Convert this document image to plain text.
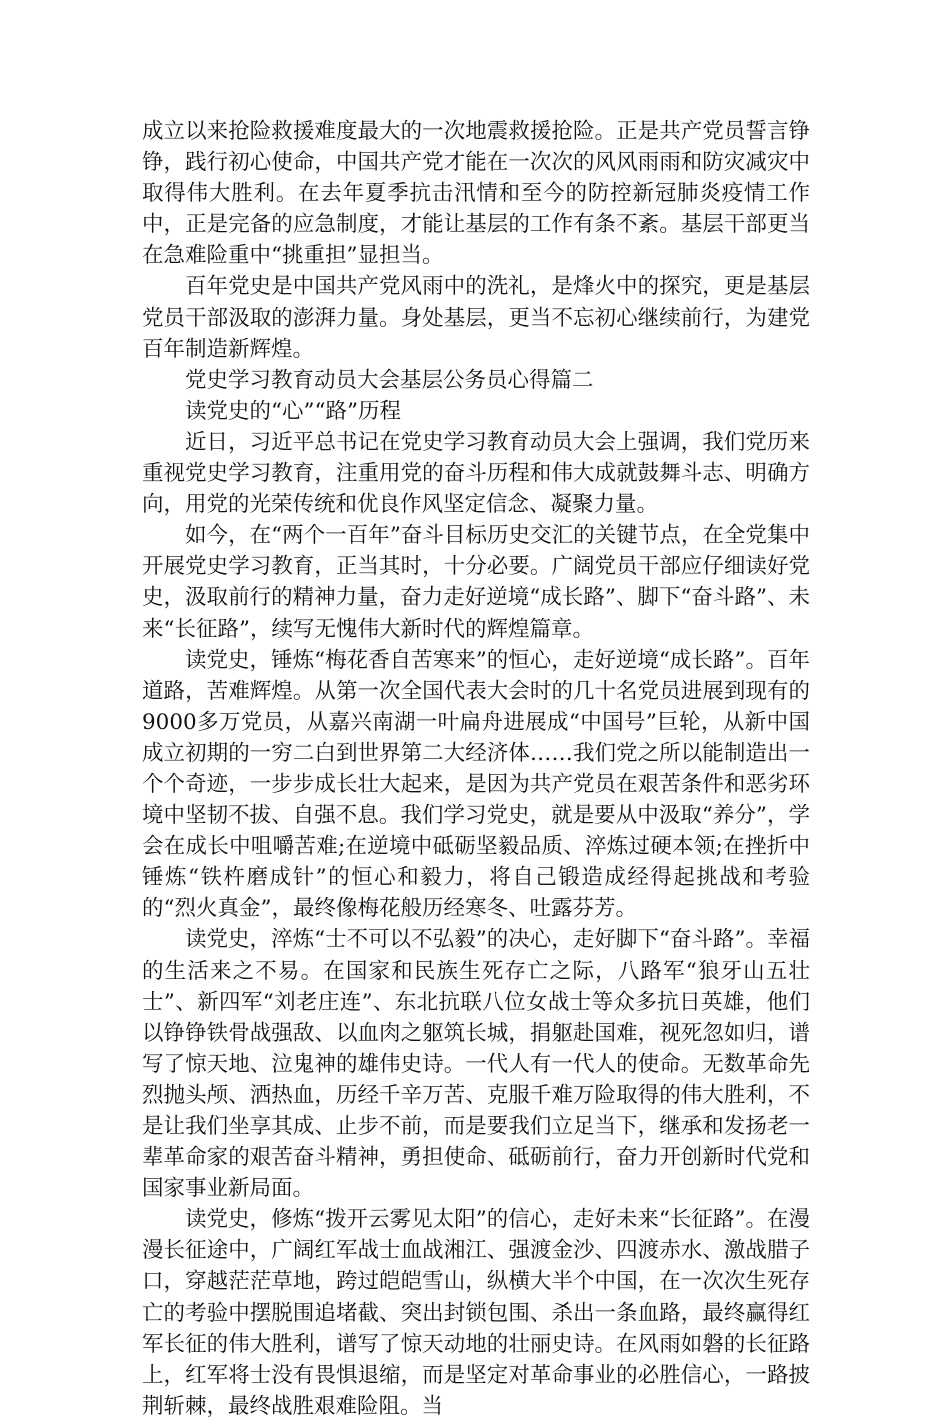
成立以来抢险救援难度最大的一次地震救援抢险。正是共产党员誓言铮铮，践行初心使命，中国共产党才能在一次次的风风雨雨和防灾减灾中取得伟大胜利。在去年夏季抗击汛情和至今的防控新冠肺炎疫情工作中，正是完备的应急制度，才能让基层的工作有条不紊。基层干部更当在急难险重中“挑重担”显担当。

百年党史是中国共产党风雨中的洗礼，是烽火中的探究，更是基层党员干部汲取的澎湃力量。身处基层，更当不忘初心继续前行，为建党百年制造新辉煌。

党史学习教育动员大会基层公务员心得篇二

读党史的“心”“路”历程

近日，习近平总书记在党史学习教育动员大会上强调，我们党历来重视党史学习教育，注重用党的奋斗历程和伟大成就鼓舞斗志、明确方向，用党的光荣传统和优良作风坚定信念、凝聚力量。

如今，在“两个一百年”奋斗目标历史交汇的关键节点，在全党集中开展党史学习教育，正当其时，十分必要。广阔党员干部应仔细读好党史，汲取前行的精神力量，奋力走好逆境“成长路”、脚下“奋斗路”、未来“长征路”，续写无愧伟大新时代的辉煌篇章。

读党史，锤炼“梅花香自苦寒来”的恒心，走好逆境“成长路”。百年道路，苦难辉煌。从第一次全国代表大会时的几十名党员进展到现有的9000多万党员，从嘉兴南湖一叶扁舟进展成“中国号”巨轮，从新中国成立初期的一穷二白到世界第二大经济体……我们党之所以能制造出一个个奇迹，一步步成长壮大起来，是因为共产党员在艰苦条件和恶劣环境中坚韧不拔、自强不息。我们学习党史，就是要从中汲取“养分”，学会在成长中咀嚼苦难;在逆境中砥砺坚毅品质、淬炼过硬本领;在挫折中锤炼“铁杵磨成针”的恒心和毅力，将自己锻造成经得起挑战和考验的“烈火真金”，最终像梅花般历经寒冬、吐露芬芳。

读党史，淬炼“士不可以不弘毅”的决心，走好脚下“奋斗路”。幸福的生活来之不易。在国家和民族生死存亡之际，八路军“狼牙山五壮士”、新四军“刘老庄连”、东北抗联八位女战士等众多抗日英雄，他们以铮铮铁骨战强敌、以血肉之躯筑长城，捐躯赴国难，视死忽如归，谱写了惊天地、泣鬼神的雄伟史诗。一代人有一代人的使命。无数革命先烈抛头颅、洒热血，历经千辛万苦、克服千难万险取得的伟大胜利，不是让我们坐享其成、止步不前，而是要我们立足当下，继承和发扬老一辈革命家的艰苦奋斗精神，勇担使命、砥砺前行，奋力开创新时代党和国家事业新局面。

读党史，修炼“拨开云雾见太阳”的信心，走好未来“长征路”。在漫漫长征途中，广阔红军战士血战湘江、强渡金沙、四渡赤水、激战腊子口，穿越茫茫草地，跨过皑皑雪山，纵横大半个中国，在一次次生死存亡的考验中摆脱围追堵截、突出封锁包围、杀出一条血路，最终赢得红军长征的伟大胜利，谱写了惊天动地的壮丽史诗。在风雨如磐的长征路上，红军将士没有畏惧退缩，而是坚定对革命事业的必胜信心，一路披荆斩棘，最终战胜艰难险阻。当
